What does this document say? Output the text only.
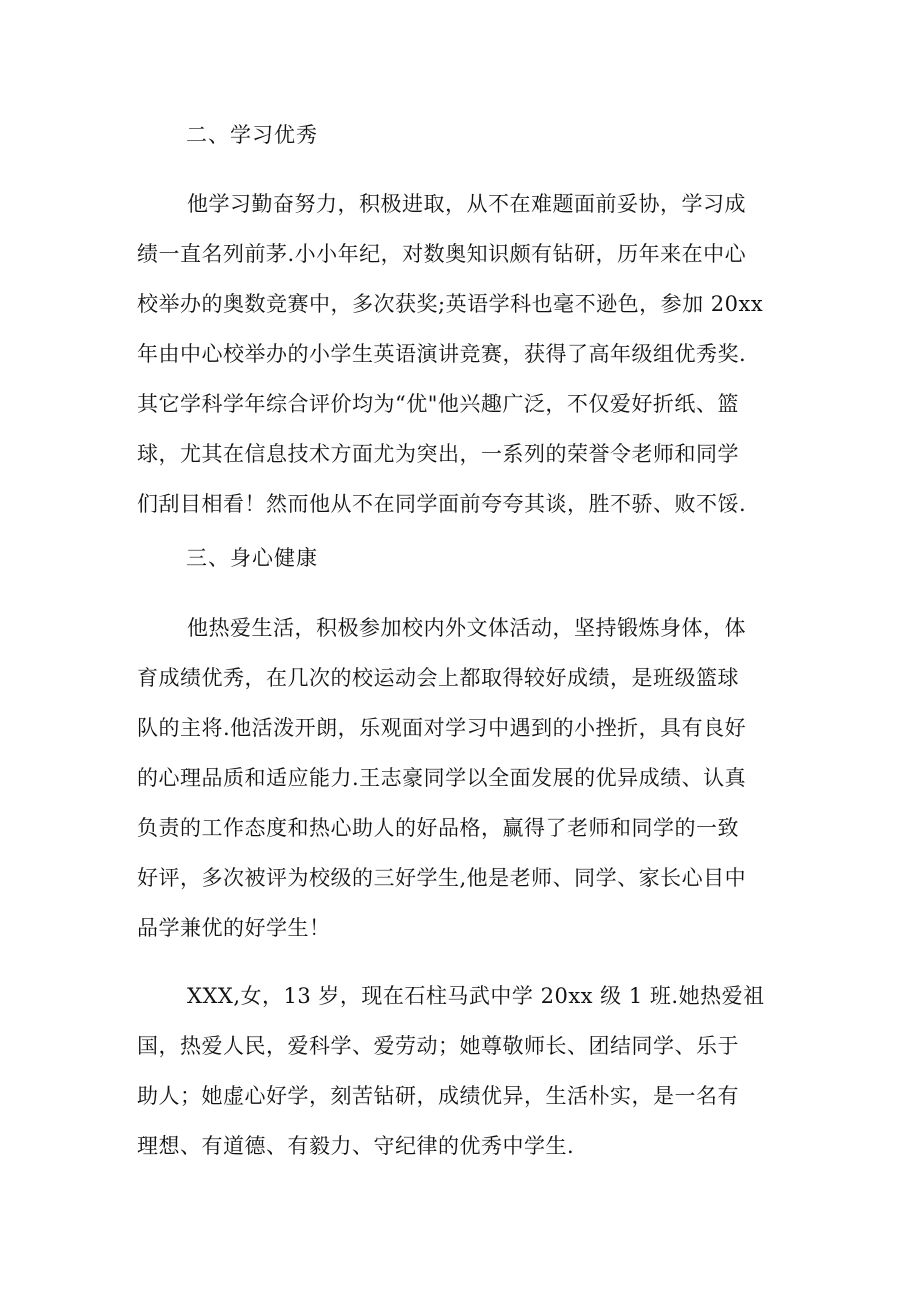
二、学习优秀
他学习勤奋努力，积极进取，从不在难题面前妥协，学习成
绩一直名列前茅.小小年纪，对数奥知识颇有钻研，历年来在中心
校举办的奥数竞赛中，多次获奖;英语学科也毫不逊色，参加 20xx
年由中心校举办的小学生英语演讲竞赛，获得了高年级组优秀奖.
其它学科学年综合评价均为“优"他兴趣广泛，不仅爱好折纸、篮
球，尤其在信息技术方面尤为突出，一系列的荣誉令老师和同学
们刮目相看！然而他从不在同学面前夸夸其谈，胜不骄、败不馁.
三、身心健康
他热爱生活，积极参加校内外文体活动，坚持锻炼身体，体
育成绩优秀，在几次的校运动会上都取得较好成绩，是班级篮球
队的主将.他活泼开朗，乐观面对学习中遇到的小挫折，具有良好
的心理品质和适应能力.王志豪同学以全面发展的优异成绩、认真
负责的工作态度和热心助人的好品格，赢得了老师和同学的一致
好评，多次被评为校级的三好学生,他是老师、同学、家长心目中
品学兼优的好学生！
XXX,女，13 岁，现在石柱马武中学 20xx 级 1 班.她热爱祖
国，热爱人民，爱科学、爱劳动；她尊敬师长、团结同学、乐于
助人；她虚心好学，刻苦钻研，成绩优异，生活朴实，是一名有
理想、有道德、有毅力、守纪律的优秀中学生.
